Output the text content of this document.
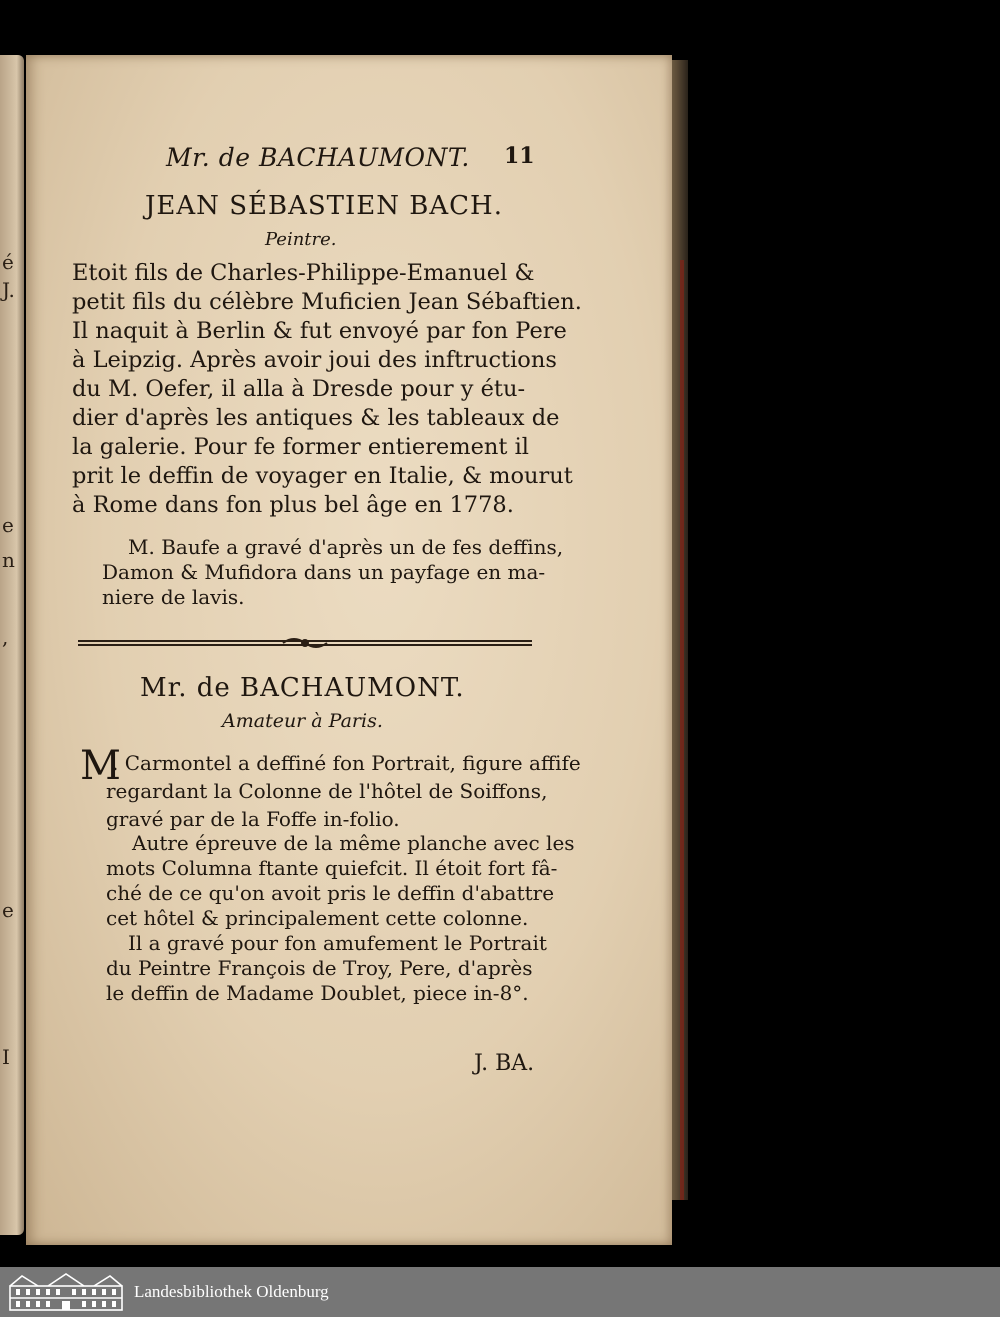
é
J.
e
n
,
e
I
Mr. de BACHAUMONT. 11
JEAN SÉBASTIEN BACH.
Peintre.
Etoit fils de Charles-Philippe-Emanuel &
petit fils du célèbre Muficien Jean Sébaftien.
Il naquit à Berlin & fut envoyé par fon Pere
à Leipzig. Après avoir joui des inftructions
du M. Oefer, il alla à Dresde pour y étu-
dier d'après les antiques & les tableaux de
la galerie. Pour fe former entierement il
prit le deffin de voyager en Italie, & mourut
à Rome dans fon plus bel âge en 1778.
M. Baufe a gravé d'après un de fes deffins,
Damon & Mufidora dans un payfage en ma-
niere de lavis.
Mr. de BACHAUMONT.
Amateur à Paris.
M
. Carmontel a deffiné fon Portrait, figure affife
regardant la Colonne de l'hôtel de Soiffons,
gravé par de la Foffe in-folio.
Autre épreuve de la même planche avec les
mots Columna ftante quiefcit. Il étoit fort fâ-
ché de ce qu'on avoit pris le deffin d'abattre
cet hôtel & principalement cette colonne.
Il a gravé pour fon amufement le Portrait
du Peintre François de Troy, Pere, d'après
le deffin de Madame Doublet, piece in-8°.
J. BA.
Landesbibliothek Oldenburg
